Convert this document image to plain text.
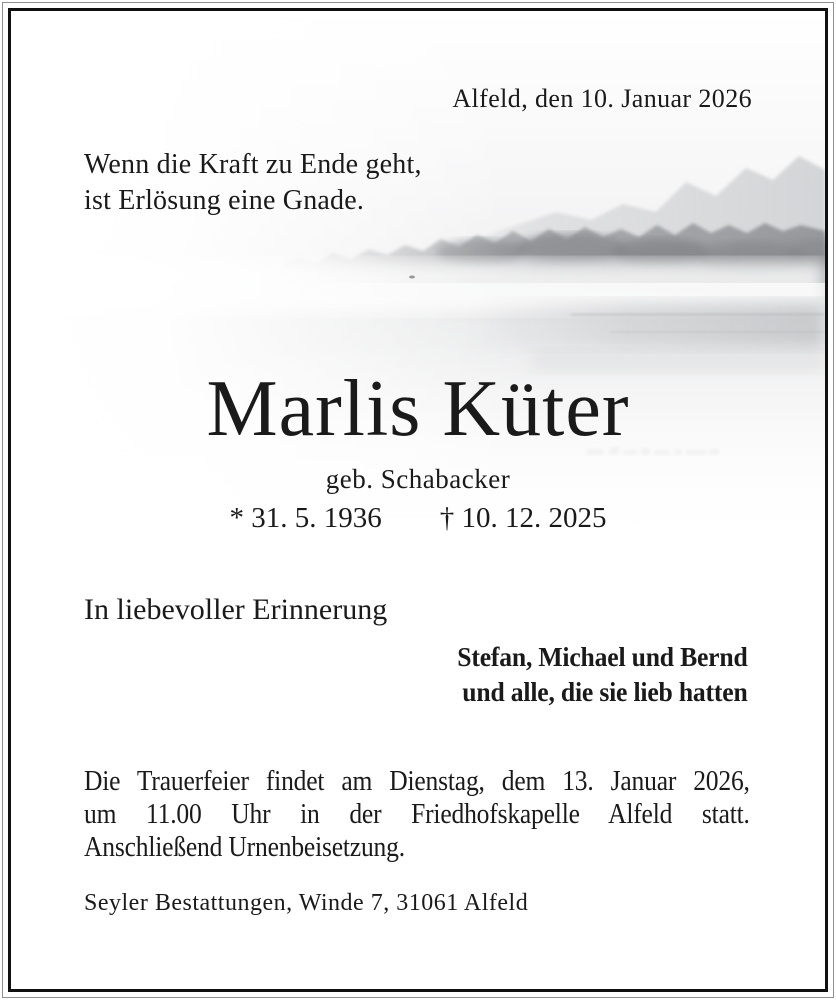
Alfeld, den 10. Januar 2026
Wenn die Kraft zu Ende geht,
ist Erlösung eine Gnade.
Marlis Küter
geb. Schabacker
* 31. 5. 1936 † 10. 12. 2025
In liebevoller Erinnerung
Stefan, Michael und Bernd
und alle, die sie lieb hatten
Die Trauerfeier findet am Dienstag, dem 13. Januar 2026,
um 11.00 Uhr in der Friedhofskapelle Alfeld statt.
Anschließend Urnenbeisetzung.
Seyler Bestattungen, Winde 7, 31061 Alfeld
